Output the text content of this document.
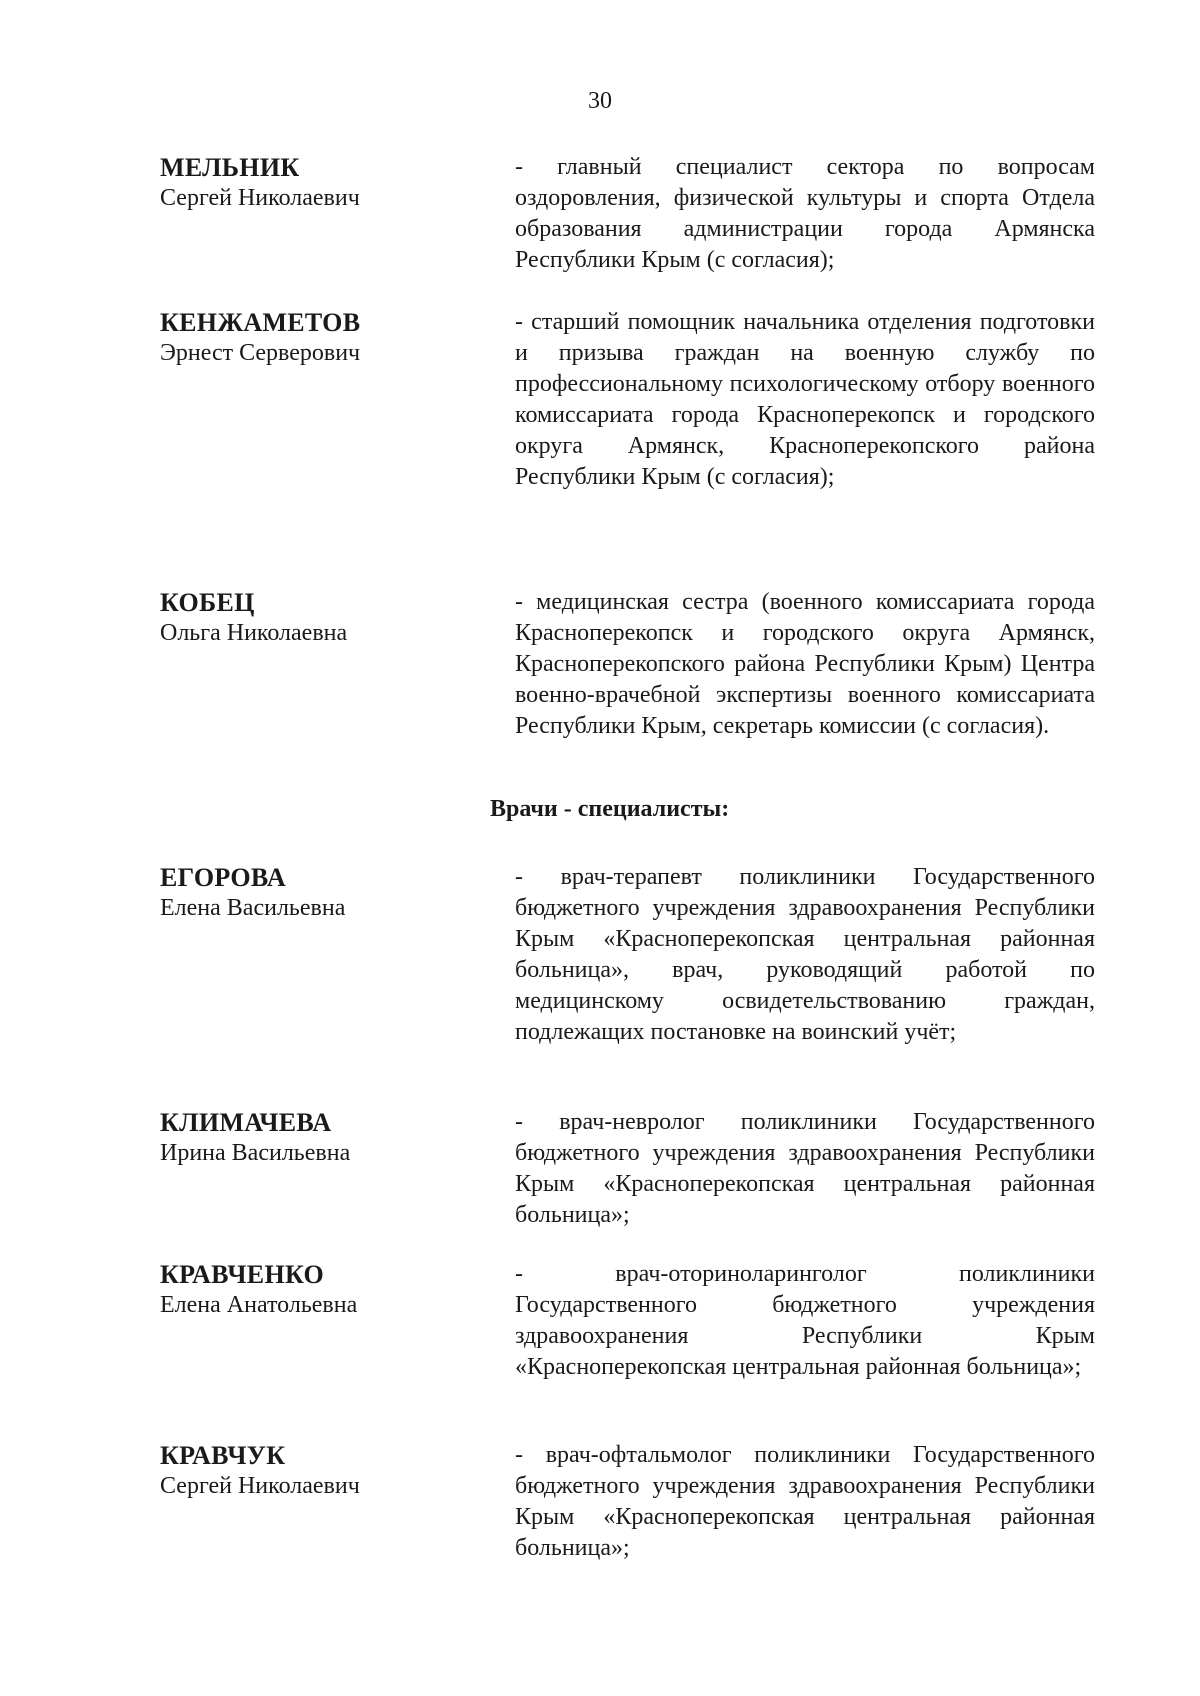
30
МЕЛЬНИК
Сергей Николаевич
- главный специалист сектора по вопросам оздоровления, физической культуры и спорта Отдела образования администрации города Армянска Республики Крым (с согласия);
КЕНЖАМЕТОВ
Эрнест Серверович
- старший помощник начальника отделения подготовки и призыва граждан на военную службу по профессиональному психологическому отбору военного комиссариата города Красноперекопск и городского округа Армянск, Красноперекопского района Республики Крым (с согласия);
КОБЕЦ
Ольга Николаевна
- медицинская сестра (военного комиссариата города Красноперекопск и городского округа Армянск, Красноперекопского района Республики Крым) Центра военно-врачебной экспертизы военного комиссариата Республики Крым, секретарь комиссии (с согласия).
Врачи - специалисты:
ЕГОРОВА
Елена Васильевна
- врач-терапевт поликлиники Государственного бюджетного учреждения здравоохранения Республики Крым «Красноперекопская центральная районная больница», врач, руководящий работой по медицинскому освидетельствованию граждан, подлежащих постановке на воинский учёт;
КЛИМАЧЕВА
Ирина Васильевна
- врач-невролог поликлиники Государственного бюджетного учреждения здравоохранения Республики Крым «Красноперекопская центральная районная больница»;
КРАВЧЕНКО
Елена Анатольевна
- врач-оториноларинголог поликлиники Государственного бюджетного учреждения здравоохранения Республики Крым «Красноперекопская центральная районная больница»;
КРАВЧУК
Сергей Николаевич
- врач-офтальмолог поликлиники Государственного бюджетного учреждения здравоохранения Республики Крым «Красноперекопская центральная районная больница»;
